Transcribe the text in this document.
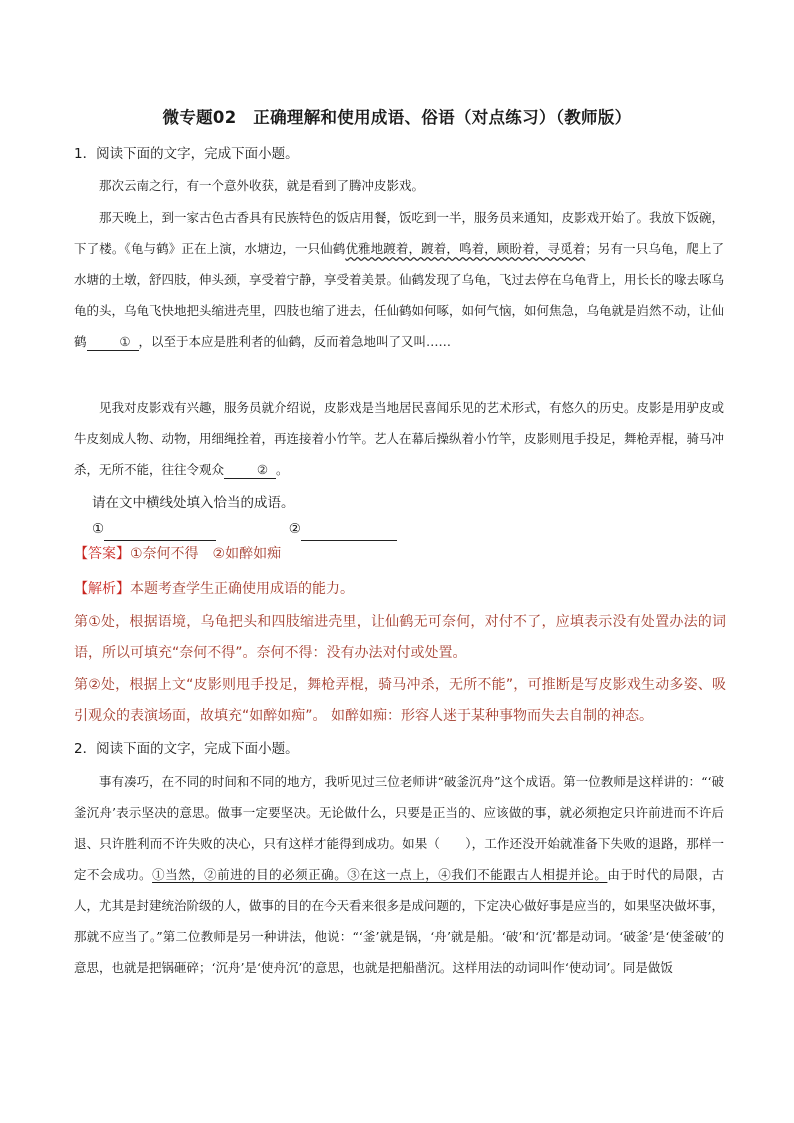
微专题02　正确理解和使用成语、俗语（对点练习）（教师版）
1．阅读下面的文字，完成下面小题。
那次云南之行，有一个意外收获，就是看到了腾冲皮影戏。
那天晚上，到一家古色古香具有民族特色的饭店用餐，饭吃到一半，服务员来通知，皮影戏开始了。我放下饭碗，下了楼。《龟与鹤》正在上演，水塘边，一只仙鹤优雅地踱着，踱着，鸣着，顾盼着，寻觅着；另有一只乌龟，爬上了水塘的土墩，舒四肢，伸头颈，享受着宁静，享受着美景。仙鹤发现了乌龟，飞过去停在乌龟背上，用长长的喙去啄乌龟的头，乌龟飞快地把头缩进壳里，四肢也缩了进去，任仙鹤如何啄，如何气恼，如何焦急，乌龟就是岿然不动，让仙鹤	① ，以至于本应是胜利者的仙鹤，反而着急地叫了又叫……
见我对皮影戏有兴趣，服务员就介绍说，皮影戏是当地居民喜闻乐见的艺术形式，有悠久的历史。皮影是用驴皮或牛皮刻成人物、动物，用细绳拴着，再连接着小竹竿。艺人在幕后操纵着小竹竿，皮影则甩手投足，舞枪弄棍，骑马冲杀，无所不能，往往令观众	② 。
请在文中横线处填入恰当的成语。
①	②
【答案】①奈何不得　②如醉如痴
【解析】本题考查学生正确使用成语的能力。
第①处，根据语境，乌龟把头和四肢缩进壳里，让仙鹤无可奈何，对付不了，应填表示没有处置办法的词语，所以可填充“奈何不得”。奈何不得：没有办法对付或处置。
第②处，根据上文“皮影则甩手投足，舞枪弄棍，骑马冲杀，无所不能”，可推断是写皮影戏生动多姿、吸引观众的表演场面，故填充“如醉如痴”。 如醉如痴：形容人迷于某种事物而失去自制的神态。
2．阅读下面的文字，完成下面小题。
事有凑巧，在不同的时间和不同的地方，我听见过三位老师讲“破釜沉舟”这个成语。第一位教师是这样讲的：“‘破釜沉舟’表示坚决的意思。做事一定要坚决。无论做什么，只要是正当的、应该做的事，就必须抱定只许前进而不许后退、只许胜利而不许失败的决心，只有这样才能得到成功。如果（　　），工作还没开始就准备下失败的退路，那样一定不会成功。①当然，②前进的目的必须正确。③在这一点上，④我们不能跟古人相提并论。由于时代的局限，古人，尤其是封建统治阶级的人，做事的目的在今天看来很多是成问题的，下定决心做好事是应当的，如果坚决做坏事，那就不应当了。”第二位教师是另一种讲法，他说：“‘釜’就是锅，‘舟’就是船。‘破’和‘沉’都是动词。‘破釜’是‘使釜破’的意思，也就是把锅砸碎；‘沉舟’是‘使舟沉’的意思，也就是把船凿沉。这样用法的动词叫作‘使动词’。同是做饭
